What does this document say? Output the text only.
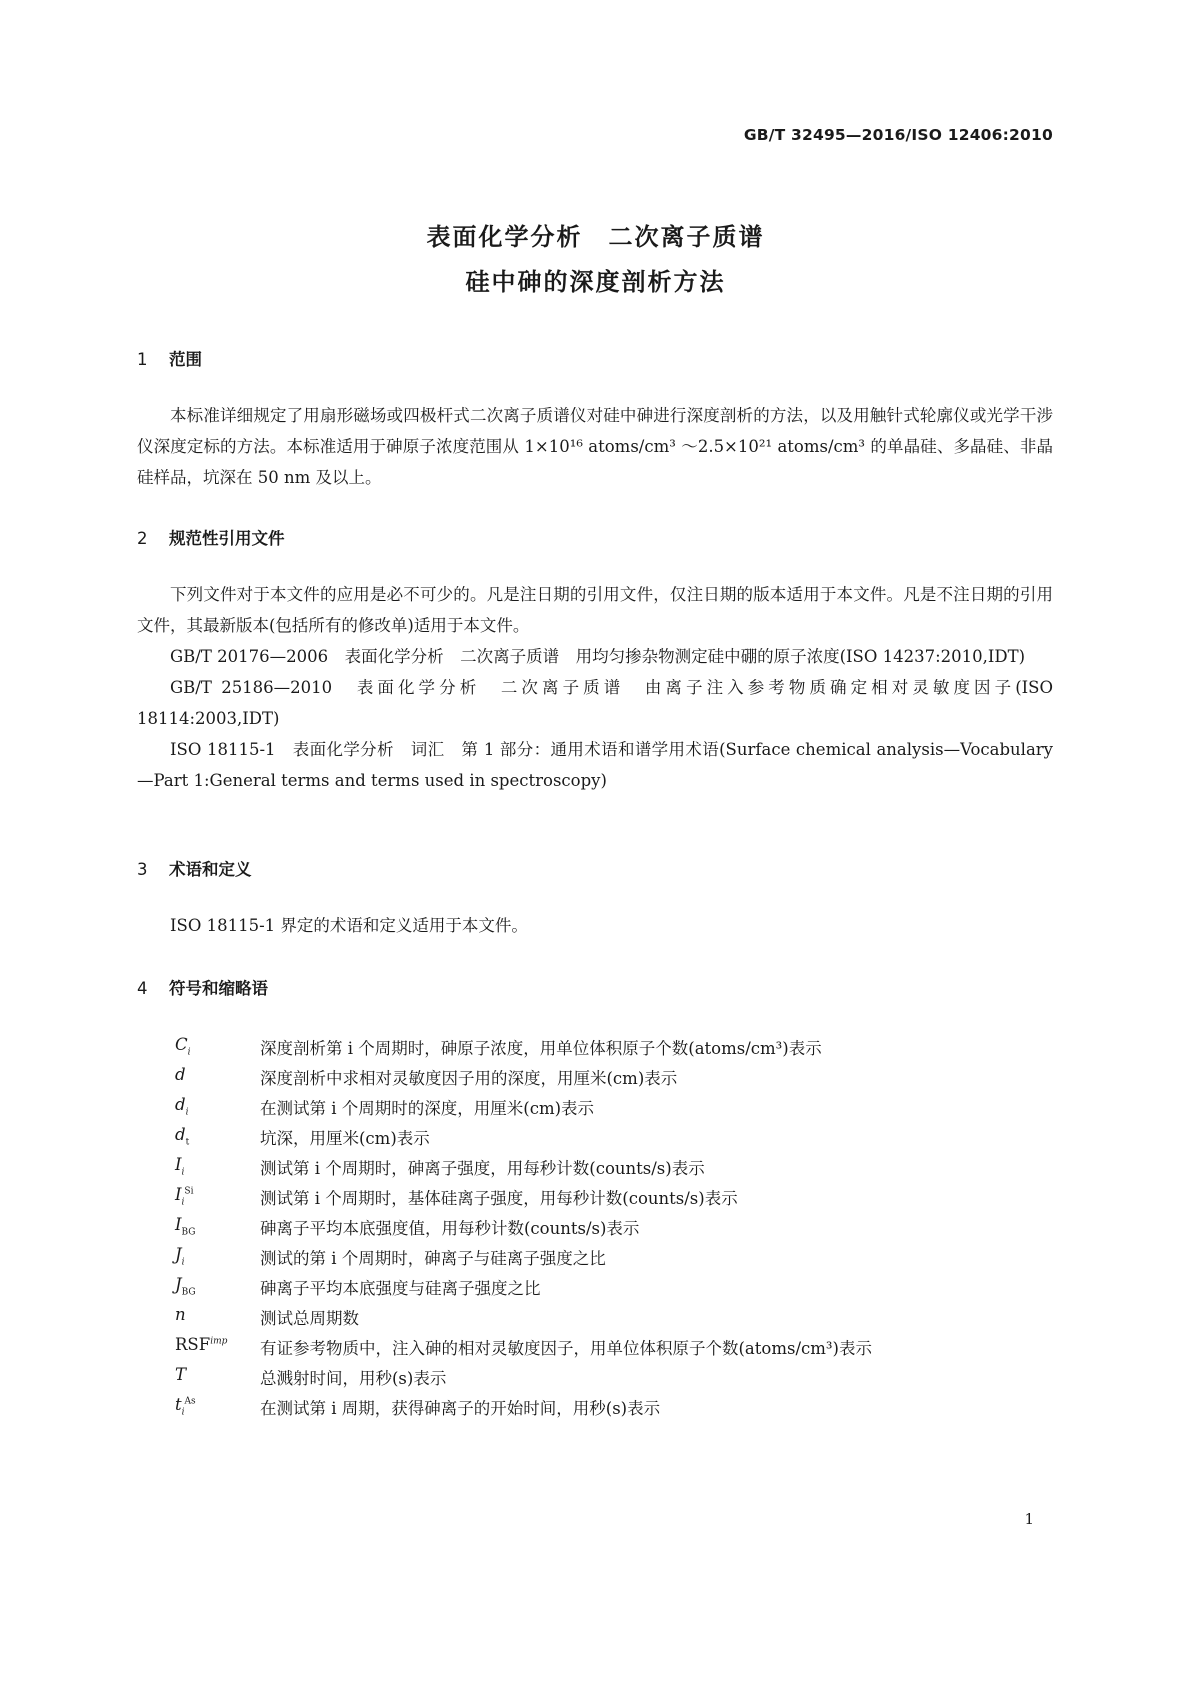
GB/T 32495—2016/ISO 12406:2010
表面化学分析　二次离子质谱
硅中砷的深度剖析方法
1 范围

本标准详细规定了用扇形磁场或四极杆式二次离子质谱仪对硅中砷进行深度剖析的方法，以及用触针式轮廓仪或光学干涉仪深度定标的方法。本标准适用于砷原子浓度范围从 1×10¹⁶ atoms/cm³ ～2.5×10²¹ atoms/cm³ 的单晶硅、多晶硅、非晶硅样品，坑深在 50 nm 及以上。

2 规范性引用文件

下列文件对于本文件的应用是必不可少的。凡是注日期的引用文件，仅注日期的版本适用于本文件。凡是不注日期的引用文件，其最新版本(包括所有的修改单)适用于本文件。

GB/T 20176—2006　表面化学分析　二次离子质谱　用均匀掺杂物测定硅中硼的原子浓度(ISO 14237:2010,IDT)

GB/T 25186—2010　表面化学分析　二次离子质谱　由离子注入参考物质确定相对灵敏度因子(ISO 18114:2003,IDT)

ISO 18115-1　表面化学分析　词汇　第 1 部分：通用术语和谱学用术语(Surface chemical analysis—Vocabulary—Part 1:General terms and terms used in spectroscopy)

3 术语和定义

ISO 18115-1 界定的术语和定义适用于本文件。

4 符号和缩略语
$C_i$	深度剖析第 i 个周期时，砷原子浓度，用单位体积原子个数(atoms/cm³)表示
d	深度剖析中求相对灵敏度因子用的深度，用厘米(cm)表示
$d_i$	在测试第 i 个周期时的深度，用厘米(cm)表示
$d_t$	坑深，用厘米(cm)表示
$I_i$	测试第 i 个周期时，砷离子强度，用每秒计数(counts/s)表示
$I_i^{Si}$	测试第 i 个周期时，基体硅离子强度，用每秒计数(counts/s)表示
$I_{BG}$	砷离子平均本底强度值，用每秒计数(counts/s)表示
$J_i$	测试的第 i 个周期时，砷离子与硅离子强度之比
$J_{BG}$	砷离子平均本底强度与硅离子强度之比
n	测试总周期数
$RSF^{imp}$ 有证参考物质中，注入砷的相对灵敏度因子，用单位体积原子个数(atoms/cm³)表示
T	总溅射时间，用秒(s)表示
$t_i^{As}$	在测试第 i 周期，获得砷离子的开始时间，用秒(s)表示
1
